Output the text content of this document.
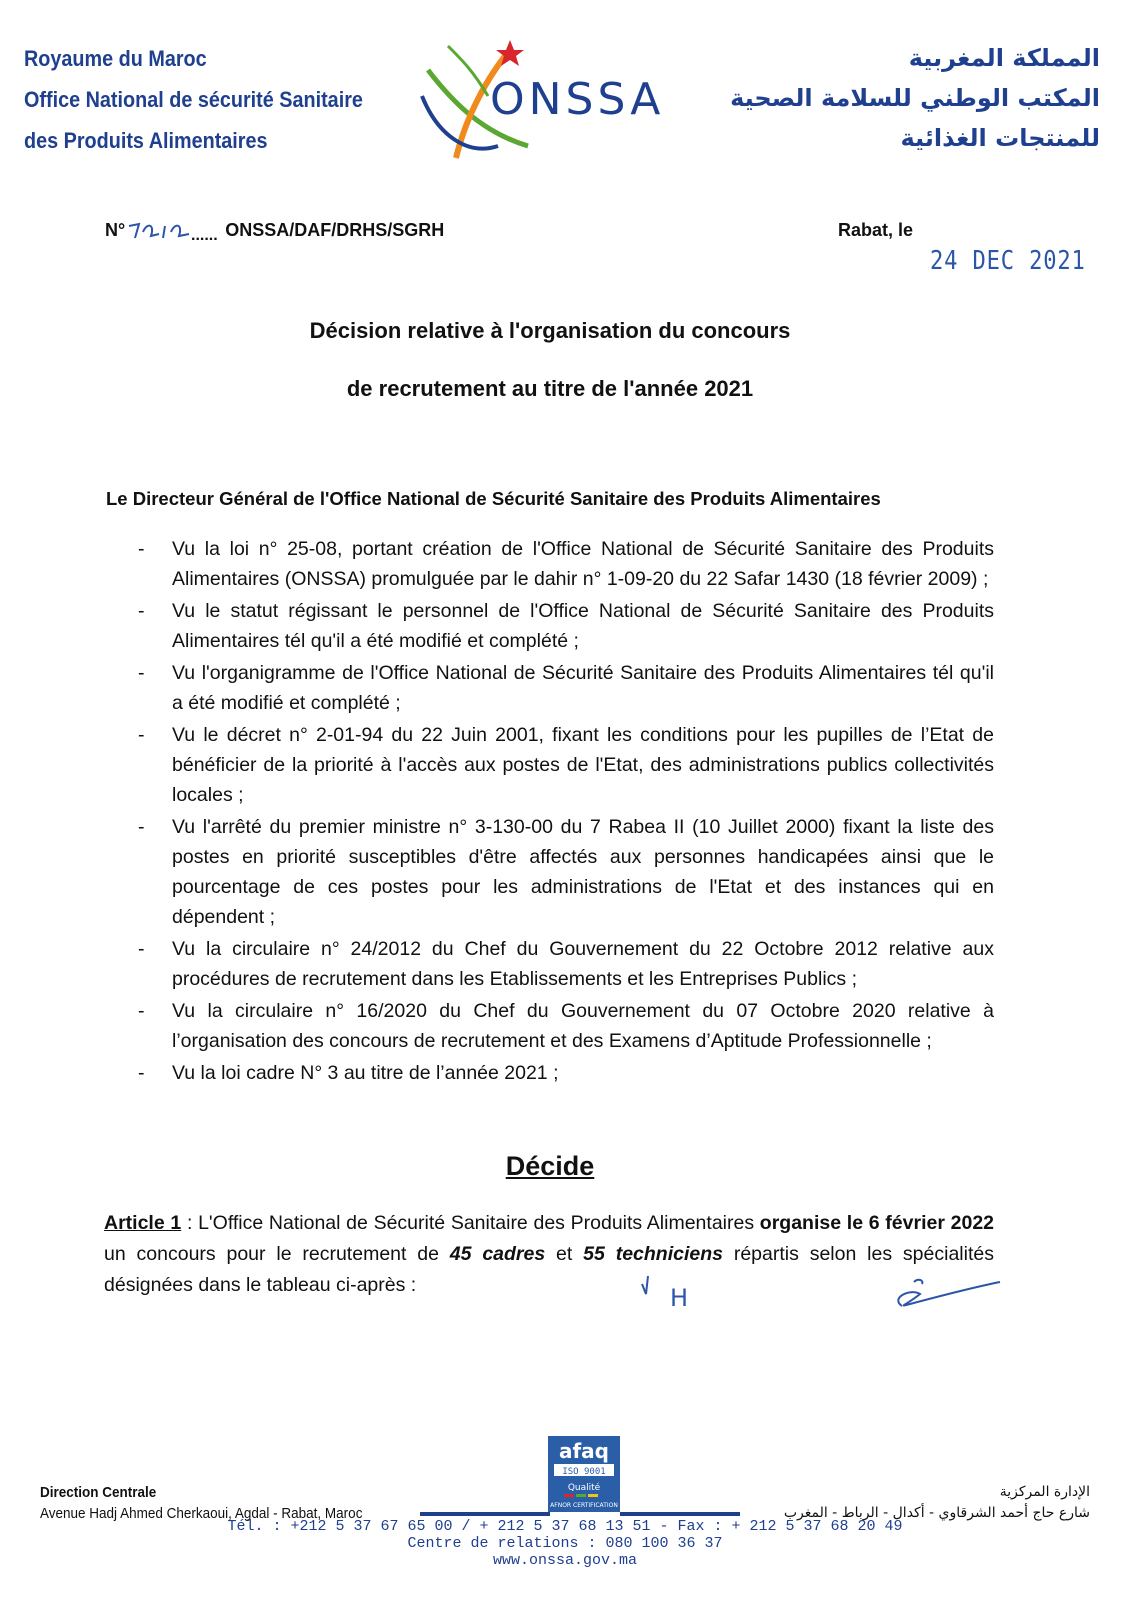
Royaume du Maroc
Office National de sécurité Sanitaire
des Produits Alimentaires
ONSSA
المملكة المغربية
المكتب الوطني للسلامة الصحية
للمنتجات الغذائية
N°	...... ONSSA/DAF/DRHS/SGRH	Rabat, le
24 DEC 2021
Décision relative à l'organisation du concours
de recrutement au titre de l'année 2021
Le Directeur Général de l'Office National de Sécurité Sanitaire des Produits Alimentaires
- Vu la loi n° 25-08, portant création de l'Office National de Sécurité Sanitaire des Produits Alimentaires (ONSSA) promulguée par le dahir n° 1-09-20 du 22 Safar 1430 (18 février 2009) ;
- Vu le statut régissant le personnel de l'Office National de Sécurité Sanitaire des Produits Alimentaires tél qu'il a été modifié et complété ;
- Vu l'organigramme de l'Office National de Sécurité Sanitaire des Produits Alimentaires tél qu'il a été modifié et complété ;
- Vu le décret n° 2-01-94 du 22 Juin 2001, fixant les conditions pour les pupilles de l’Etat de bénéficier de la priorité à l'accès aux postes de l'Etat, des administrations publics collectivités locales ;
- Vu l'arrêté du premier ministre n° 3-130-00 du 7 Rabea II (10 Juillet 2000) fixant la liste des postes en priorité susceptibles d'être affectés aux personnes handicapées ainsi que le pourcentage de ces postes pour les administrations de l'Etat et des instances qui en dépendent ;
- Vu la circulaire n° 24/2012 du Chef du Gouvernement du 22 Octobre 2012 relative aux procédures de recrutement dans les Etablissements et les Entreprises Publics ;
- Vu la circulaire n° 16/2020 du Chef du Gouvernement du 07 Octobre 2020 relative à l’organisation des concours de recrutement et des Examens d’Aptitude Professionnelle ;
- Vu la loi cadre N° 3 au titre de l’année 2021 ;
Décide
Article 1 : L'Office National de Sécurité Sanitaire des Produits Alimentaires organise le 6 février 2022 un concours pour le recrutement de 45 cadres et 55 techniciens répartis selon les spécialités désignées dans le tableau ci-après :	H
afaq
ISO 9001
Qualité
AFNOR CERTIFICATION
Direction Centrale
Avenue Hadj Ahmed Cherkaoui, Agdal - Rabat, Maroc
الإدارة المركزية
شارع حاج أحمد الشرقاوي - أكدال - الرباط - المغرب
Tél. : +212 5 37 67 65 00 / + 212 5 37 68 13 51 - Fax : + 212 5 37 68 20 49
Centre de relations : 080 100 36 37
www.onssa.gov.ma
